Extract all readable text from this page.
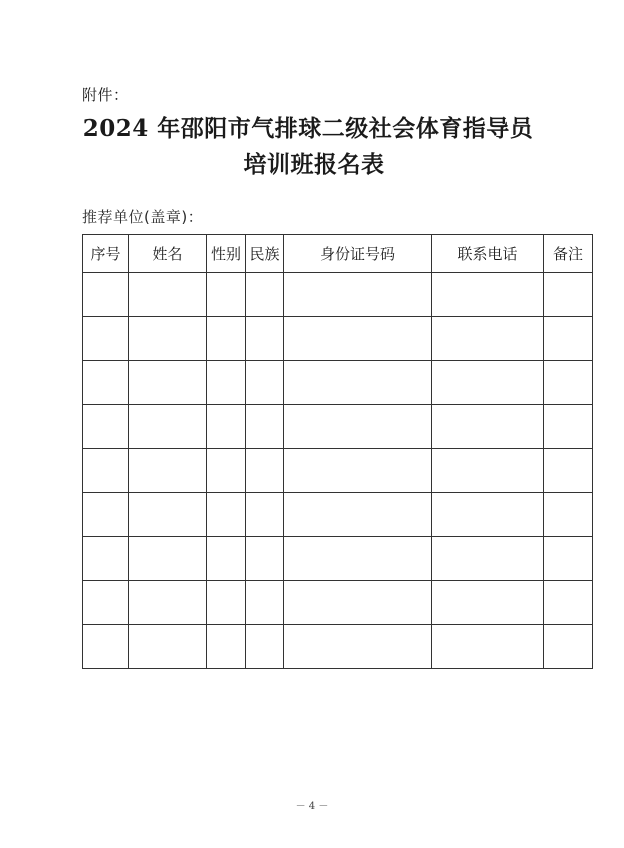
附件：
2024 年邵阳市气排球二级社会体育指导员
培训班报名表
推荐单位(盖章)：
序号	姓名	性别	民族	身份证号码	联系电话	备注

－ 4 －
